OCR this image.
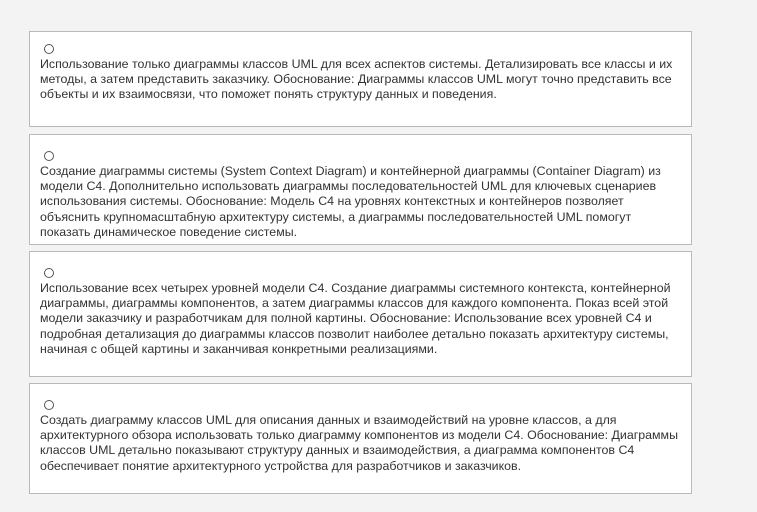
Использование только диаграммы классов UML для всех аспектов системы. Детализировать все классы и их методы, а затем представить заказчику. Обоснование: Диаграммы классов UML могут точно представить все объекты и их взаимосвязи, что поможет понять структуру данных и поведения.

Создание диаграммы системы (System Context Diagram) и контейнерной диаграммы (Container Diagram) из модели C4. Дополнительно использовать диаграммы последовательностей UML для ключевых сценариев использования системы. Обоснование: Модель C4 на уровнях контекстных и контейнеров позволяет объяснить крупномасштабную архитектуру системы, а диаграммы последовательностей UML помогут показать динамическое поведение системы.

Использование всех четырех уровней модели C4. Создание диаграммы системного контекста, контейнерной диаграммы, диаграммы компонентов, а затем диаграммы классов для каждого компонента. Показ всей этой модели заказчику и разработчикам для полной картины. Обоснование: Использование всех уровней C4 и подробная детализация до диаграммы классов позволит наиболее детально показать архитектуру системы, начиная с общей картины и заканчивая конкретными реализациями.

Создать диаграмму классов UML для описания данных и взаимодействий на уровне классов, а для архитектурного обзора использовать только диаграмму компонентов из модели C4. Обоснование: Диаграммы классов UML детально показывают структуру данных и взаимодействия, а диаграмма компонентов C4 обеспечивает понятие архитектурного устройства для разработчиков и заказчиков.
